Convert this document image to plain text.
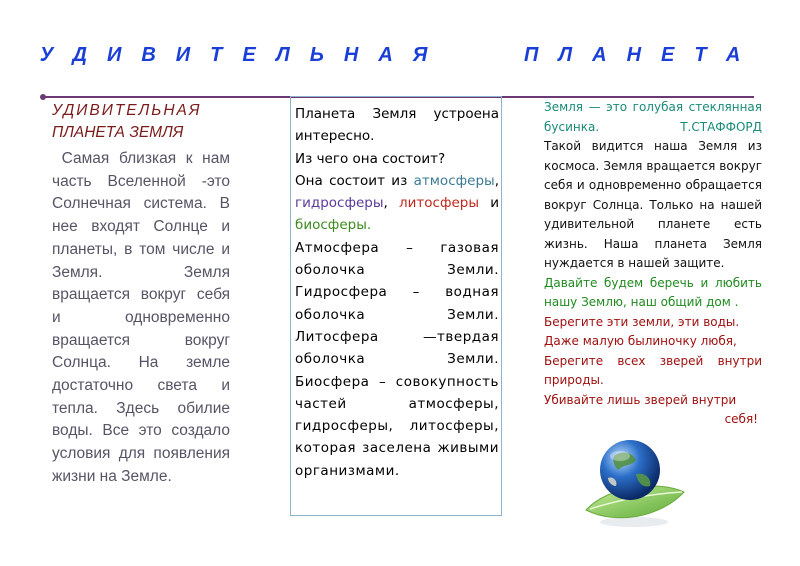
УДИВИТЕЛЬНАЯ   ПЛАНЕТА
УДИВИТЕЛЬНАЯ
ПЛАНЕТА ЗЕМЛЯ
Самая близкая к нам часть Вселенной -это Солнечная система. В нее входят Солнце и планеты, в том числе и Земля. Земля вращается вокруг себя и одновременно вращается вокруг Солнца. На земле достаточно света и тепла. Здесь обилие воды. Все это создало условия для появления жизни на Земле.

Планета Земля устроена интересно.

Из чего она состоит?

Она состоит из атмосферы, гидросферы, литосферы и биосферы.

Атмосфера – газовая оболочка Земли. Гидросфера – водная оболочка Земли. Литосфера —твердая оболочка Земли. Биосфера – совокупность частей атмосферы, гидросферы, литосферы, которая заселена живыми организмами.

Земля — это голубая стеклянная бусинка.	Т.СТАФФОРД
Такой видится наша Земля из космоса. Земля вращается вокруг себя и одновременно обращается вокруг Солнца. Только на нашей удивительной планете есть жизнь. Наша планета Земля нуждается в нашей защите.
Давайте будем беречь и любить нашу Землю, наш общий дом .
Берегите эти земли, эти воды.
Даже малую былиночку любя,
Берегите всех зверей внутри природы.
Убивайте лишь зверей внутри
себя!
